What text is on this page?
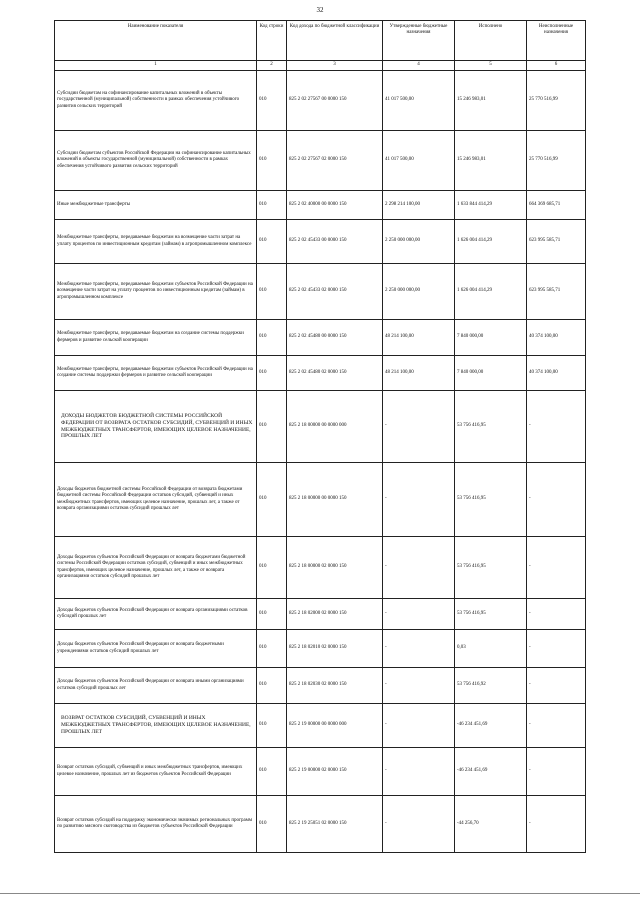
32
Наименование показателя	Код строки	Код дохода по бюджетной классификации	Утвержденные бюджетные назначения	Исполнено	Неисполненные назначения
1	2	3	4	5	6
Субсидии бюджетам на софинансирование капитальных вложений в объекты государственной (муниципальной) собственности в рамках обеспечения устойчивого развития сельских территорий	010	825 2 02 27567 00 0000 150	41 017 500,00	15 246 983,01	25 770 516,99
Субсидии бюджетам субъектов Российской Федерации на софинансирование капитальных вложений в объекты государственной (муниципальной) собственности в рамках обеспечения устойчивого развития сельских территорий	010	825 2 02 27567 02 0000 150	41 017 500,00	15 246 983,01	25 770 516,99
Иные межбюджетные трансферты	010	825 2 02 40000 00 0000 150	2 298 214 100,00	1 633 844 414,29	664 369 685,71
Межбюджетные трансферты, передаваемые бюджетам на возмещение части затрат на уплату процентов по инвестиционным кредитам (займам) в агропромышленном комплексе	010	825 2 02 45433 00 0000 150	2 250 000 000,00	1 626 004 414,29	623 995 585,71
Межбюджетные трансферты, передаваемые бюджетам субъектов Российской Федерации на возмещение части затрат на уплату процентов по инвестиционным кредитам (займам) в агропромышленном комплексе	010	825 2 02 45433 02 0000 150	2 250 000 000,00	1 626 004 414,29	623 995 585,71
Межбюджетные трансферты, передаваемые бюджетам на создание системы поддержки фермеров и развитие сельской кооперации	010	825 2 02 45480 00 0000 150	48 214 100,00	7 840 000,00	40 374 100,00
Межбюджетные трансферты, передаваемые бюджетам субъектов Российской Федерации на создание системы поддержки фермеров и развитие сельской кооперации	010	825 2 02 45480 02 0000 150	48 214 100,00	7 840 000,00	40 374 100,00
ДОХОДЫ БЮДЖЕТОВ БЮДЖЕТНОЙ СИСТЕМЫ РОССИЙСКОЙ ФЕДЕРАЦИИ ОТ ВОЗВРАТА ОСТАТКОВ СУБСИДИЙ, СУБВЕНЦИЙ И ИНЫХ МЕЖБЮДЖЕТНЫХ ТРАНСФЕРТОВ, ИМЕЮЩИХ ЦЕЛЕВОЕ НАЗНАЧЕНИЕ, ПРОШЛЫХ ЛЕТ	010	825 2 18 00000 00 0000 000	-	53 756 416,95	-
Доходы бюджетов бюджетной системы Российской Федерации от возврата бюджетами бюджетной системы Российской Федерации остатков субсидий, субвенций и иных межбюджетных трансфертов, имеющих целевое назначение, прошлых лет, а также от возврата организациями остатков субсидий прошлых лет	010	825 2 18 00000 00 0000 150	-	53 756 416,95	-
Доходы бюджетов субъектов Российской Федерации от возврата бюджетами бюджетной системы Российской Федерации остатков субсидий, субвенций и иных межбюджетных трансфертов, имеющих целевое назначение, прошлых лет, а также от возврата организациями остатков субсидий прошлых лет	010	825 2 18 00000 02 0000 150	-	53 756 416,95	-
Доходы бюджетов субъектов Российской Федерации от возврата организациями остатков субсидий прошлых лет	010	825 2 18 02000 02 0000 150	-	53 756 416,95	-
Доходы бюджетов субъектов Российской Федерации от возврата бюджетными учреждениями остатков субсидий прошлых лет	010	825 2 18 02010 02 0000 150	-	0,03	-
Доходы бюджетов субъектов Российской Федерации от возврата иными организациями остатков субсидий прошлых лет	010	825 2 18 02030 02 0000 150	-	53 756 416,92	-
ВОЗВРАТ ОСТАТКОВ СУБСИДИЙ, СУБВЕНЦИЙ И ИНЫХ МЕЖБЮДЖЕТНЫХ ТРАНСФЕРТОВ, ИМЕЮЩИХ ЦЕЛЕВОЕ НАЗНАЧЕНИЕ, ПРОШЛЫХ ЛЕТ	010	825 2 19 00000 00 0000 000	-	-46 234 451,69	-
Возврат остатков субсидий, субвенций и иных межбюджетных трансфертов, имеющих целевое назначение, прошлых лет из бюджетов субъектов Российской Федерации	010	825 2 19 00000 02 0000 150	-	-46 234 451,69	-
Возврат остатков субсидий на поддержку экономически значимых региональных программ по развитию мясного скотоводства из бюджетов субъектов Российской Федерации	010	825 2 19 25051 02 0000 150	-	-44 256,70	-
